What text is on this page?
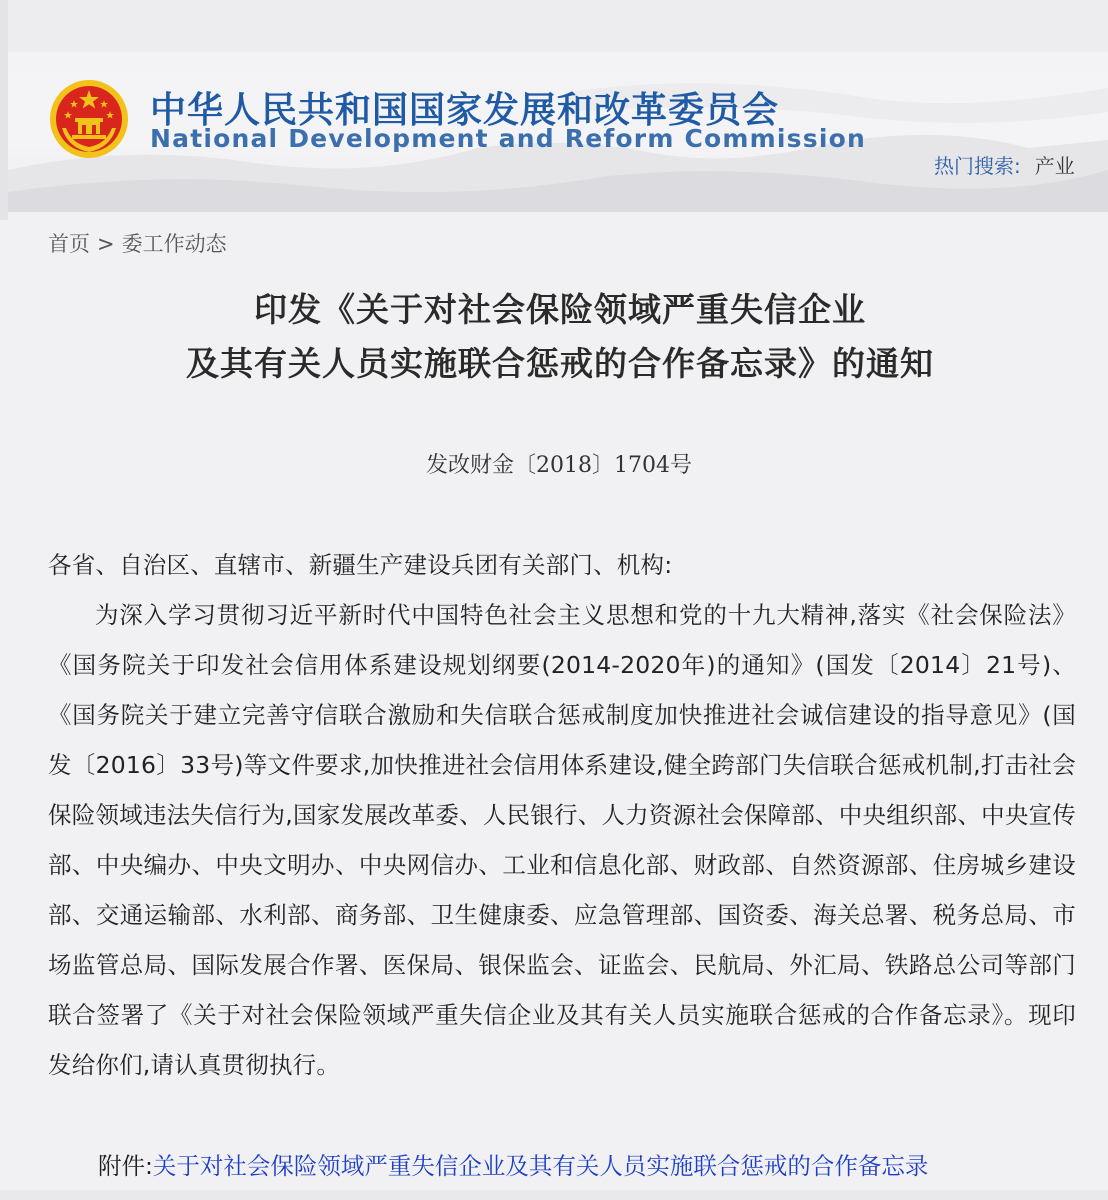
中华人民共和国国家发展和改革委员会
National Development and Reform Commission
热门搜索: 产业
首页 > 委工作动态
印发《关于对社会保险领域严重失信企业
及其有关人员实施联合惩戒的合作备忘录》的通知
发改财金〔2018〕1704号

各省、自治区、直辖市、新疆生产建设兵团有关部门、机构:

为深入学习贯彻习近平新时代中国特色社会主义思想和党的十九大精神,落实《社会保险法》《国务院关于印发社会信用体系建设规划纲要(2014-2020年)的通知》(国发〔2014〕21号)、《国务院关于建立完善守信联合激励和失信联合惩戒制度加快推进社会诚信建设的指导意见》(国发〔2016〕33号)等文件要求,加快推进社会信用体系建设,健全跨部门失信联合惩戒机制,打击社会保险领域违法失信行为,国家发展改革委、人民银行、人力资源社会保障部、中央组织部、中央宣传部、中央编办、中央文明办、中央网信办、工业和信息化部、财政部、自然资源部、住房城乡建设部、交通运输部、水利部、商务部、卫生健康委、应急管理部、国资委、海关总署、税务总局、市场监管总局、国际发展合作署、医保局、银保监会、证监会、民航局、外汇局、铁路总公司等部门联合签署了《关于对社会保险领域严重失信企业及其有关人员实施联合惩戒的合作备忘录》。现印发给你们,请认真贯彻执行。

附件:关于对社会保险领域严重失信企业及其有关人员实施联合惩戒的合作备忘录
